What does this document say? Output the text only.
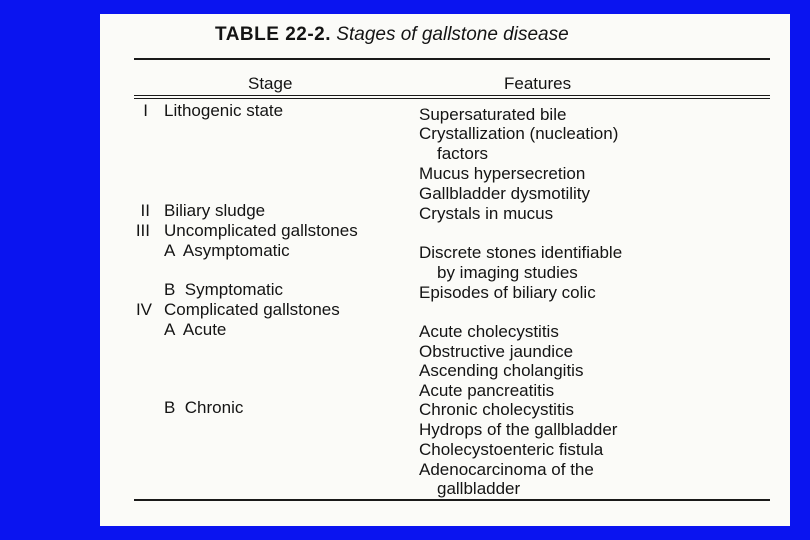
TABLE 22-2. Stages of gallstone disease
Stage	Features
I Lithogenic state
II Biliary sludge
III Uncomplicated gallstones
A  Asymptomatic
B  Symptomatic
IV Complicated gallstones
A  Acute
B  Chronic
Supersaturated bile
Crystallization (nucleation)
factors
Mucus hypersecretion
Gallbladder dysmotility
Crystals in mucus
Discrete stones identifiable
by imaging studies
Episodes of biliary colic
Acute cholecystitis
Obstructive jaundice
Ascending cholangitis
Acute pancreatitis
Chronic cholecystitis
Hydrops of the gallbladder
Cholecystoenteric fistula
Adenocarcinoma of the
gallbladder
